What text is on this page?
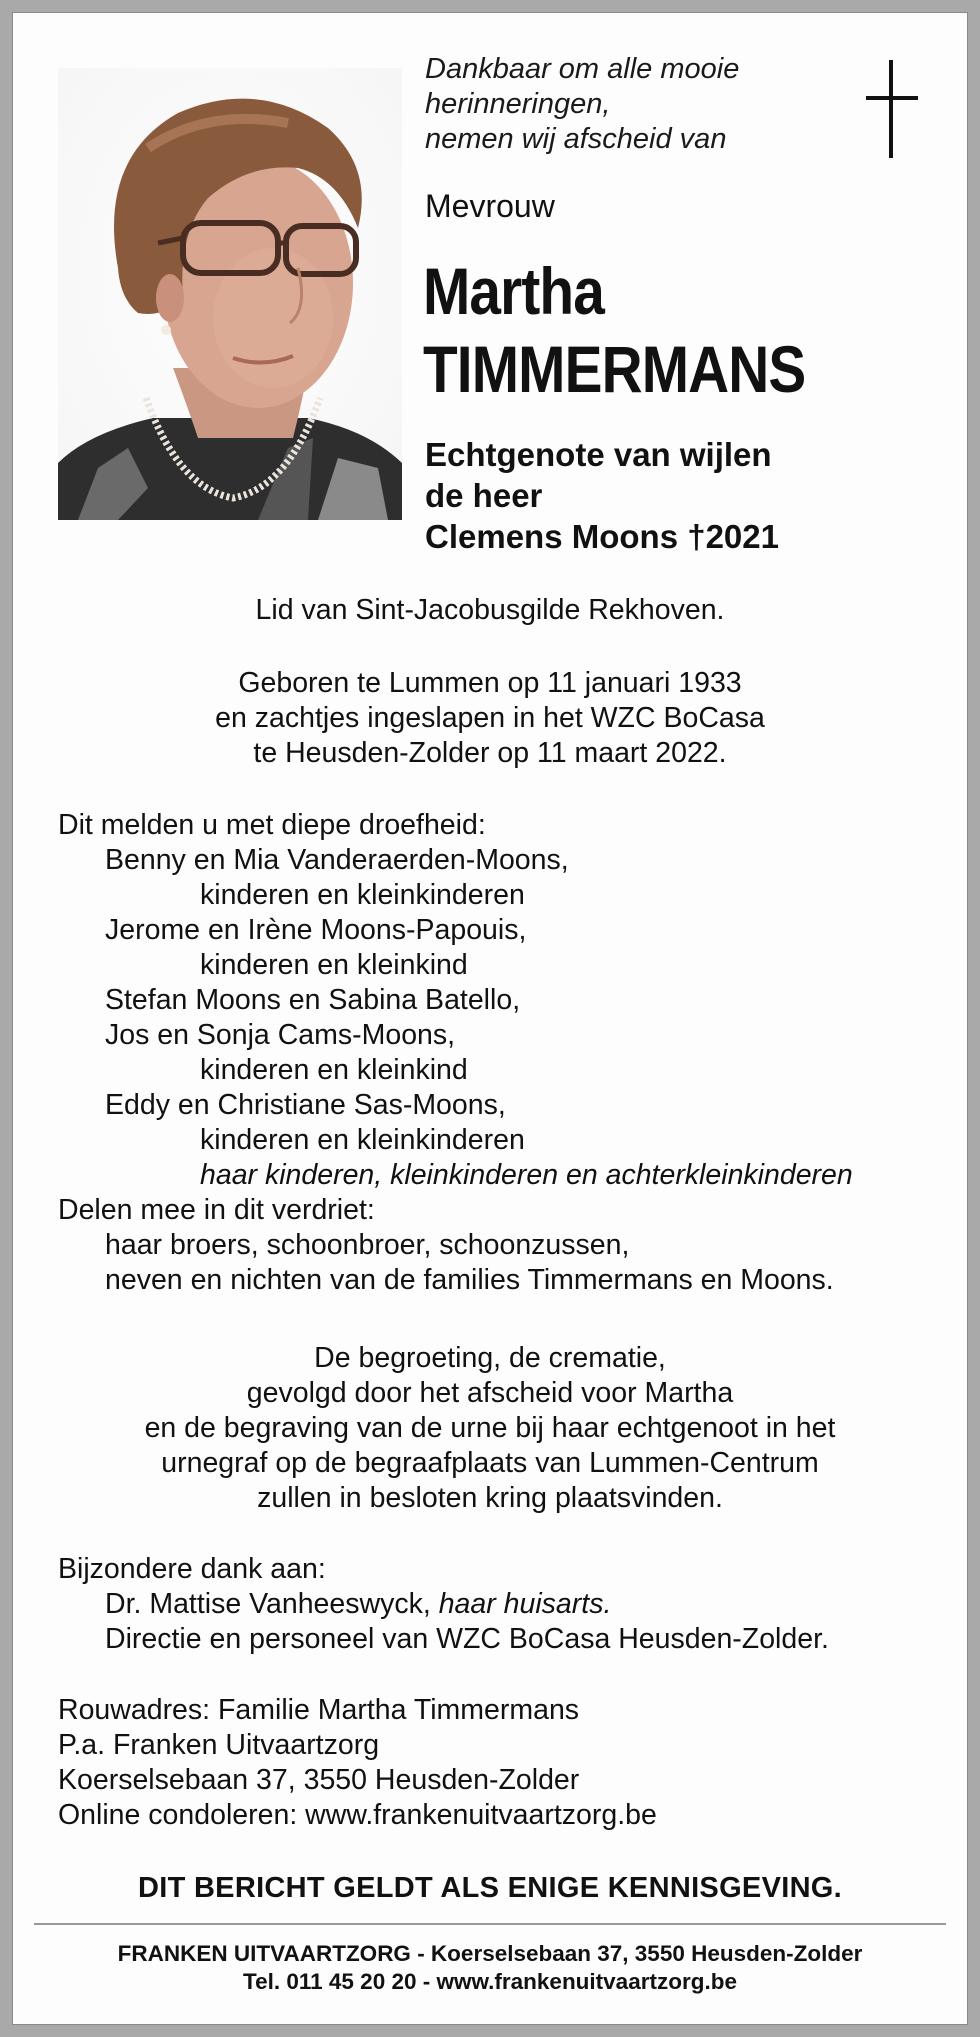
Dankbaar om alle mooie
herinneringen,
nemen wij afscheid van
Mevrouw
Martha
TIMMERMANS
Echtgenote van wijlen
de heer
Clemens Moons †2021
Lid van Sint-Jacobusgilde Rekhoven.
Geboren te Lummen op 11 januari 1933
en zachtjes ingeslapen in het WZC BoCasa
te Heusden-Zolder op 11 maart 2022.
Dit melden u met diepe droefheid:
Benny en Mia Vanderaerden-Moons,
kinderen en kleinkinderen
Jerome en Irène Moons-Papouis,
kinderen en kleinkind
Stefan Moons en Sabina Batello,
Jos en Sonja Cams-Moons,
kinderen en kleinkind
Eddy en Christiane Sas-Moons,
kinderen en kleinkinderen
haar kinderen, kleinkinderen en achterkleinkinderen
Delen mee in dit verdriet:
haar broers, schoonbroer, schoonzussen,
neven en nichten van de families Timmermans en Moons.
De begroeting, de crematie,
gevolgd door het afscheid voor Martha
en de begraving van de urne bij haar echtgenoot in het
urnegraf op de begraafplaats van Lummen-Centrum
zullen in besloten kring plaatsvinden.
Bijzondere dank aan:
Dr. Mattise Vanheeswyck, haar huisarts.
Directie en personeel van WZC BoCasa Heusden-Zolder.
Rouwadres: Familie Martha Timmermans
P.a. Franken Uitvaartzorg
Koerselsebaan 37, 3550 Heusden-Zolder
Online condoleren: www.frankenuitvaartzorg.be
DIT BERICHT GELDT ALS ENIGE KENNISGEVING.
FRANKEN UITVAARTZORG - Koerselsebaan 37, 3550 Heusden-Zolder
Tel. 011 45 20 20 - www.frankenuitvaartzorg.be
